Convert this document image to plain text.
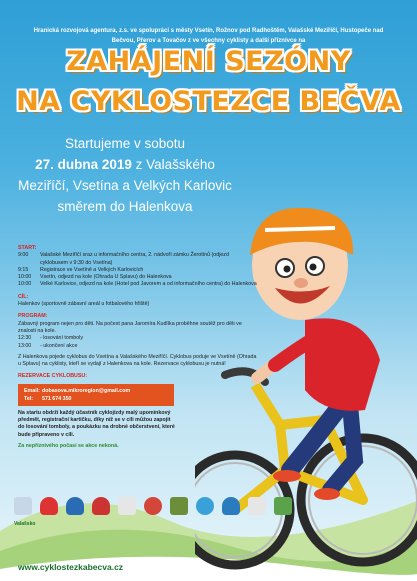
Hranická rozvojová agentura, z.s. ve spolupráci s městy Vsetín, Rožnov pod Radhoštěm, Valašské Meziříčí, Hustopeče nad Bečvou, Přerov a Tovačov z ve všechny cyklisty a další příznivce na
ZAHÁJENÍ SEZÓNY
NA CYKLOSTEZCE BEČVA
Startujeme v sobotu
27. dubna 2019 z Valašského
Meziříčí, Vsetína a Velkých Karlovic
směrem do Halenkova
START:
9:00	Valašské Meziříčí sraz u informačního centra, 2. nádvoří zámku Žerotínů (odjezd cyklobusem v 9:30 do Vsetína)
9:15	Registrace ve Vsetíně a Velkých Karlovicích
10:00	Vsetín, odjezd na kole (Ohrada U Splavu) do Halenkova
10:00	Velké Karlovice, odjezd na kole (Hotel pod Javorem a od informačního centra) do Halenkova
CÍL:
Halenkov (sportovně zábavní areál u fotbalového hřiště)
PROGRAM:
Zábavný program nejen pro děti. Na počest pana Jaromíra Kudlíka proběhne soutěž pro děti ve znalosti na kole.
12:30	- losování tomboly
13:00	- ukončení akce
Z Halenkova pojede cyklobus do Vsetína a Valašského Meziříčí. Cyklobus poduje ve Vsetíně (Ohrada u Splavu) na cyklisty, kteří se vydají z Halenkova na kole. Rezervace cyklobusu je nutná!
REZERVACE CYKLOBUSU:
Email: dobasova.mikroregion@gmail.com
Tel:	571 674 350
Na startu obdrží každý účastník cyklojízdy malý upomínkový předmět, registrační kartičku, díky níž se v cíli můžou zapojit do losování tomboly, a poukázku na drobné občerstvení, které bude připraveno v cíli.
Za nepříznivého počasí se akce nekoná.
Valašsko
www.cyklostezkabecva.cz
